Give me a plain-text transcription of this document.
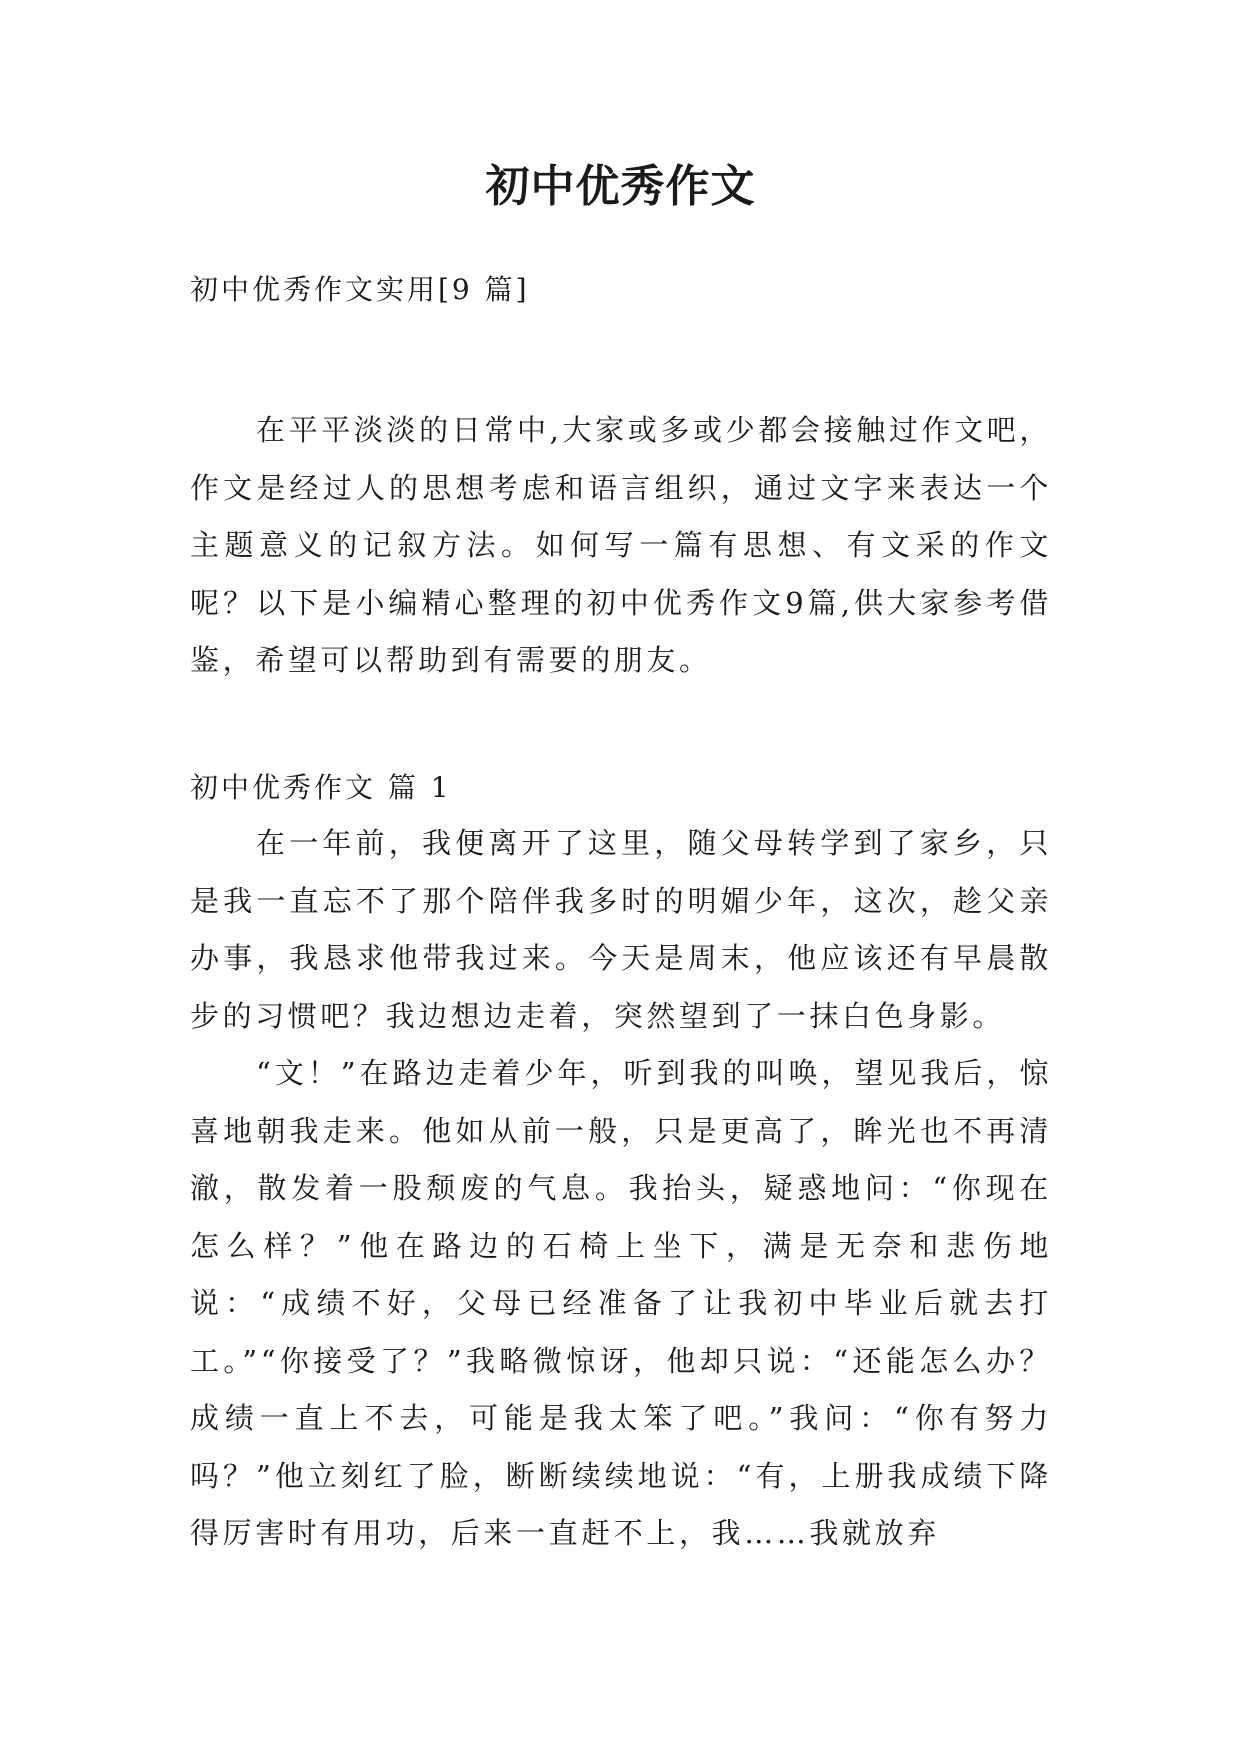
初中优秀作文
初中优秀作文实用[9 篇]

在平平淡淡的日常中,大家或多或少都会接触过作文吧，作文是经过人的思想考虑和语言组织，通过文字来表达一个主题意义的记叙方法。如何写一篇有思想、有文采的作文呢？以下是小编精心整理的初中优秀作文9篇,供大家参考借鉴，希望可以帮助到有需要的朋友。

初中优秀作文 篇 1

在一年前，我便离开了这里，随父母转学到了家乡，只是我一直忘不了那个陪伴我多时的明媚少年，这次，趁父亲办事，我恳求他带我过来。今天是周末，他应该还有早晨散步的习惯吧？我边想边走着，突然望到了一抹白色身影。

“文！”在路边走着少年，听到我的叫唤，望见我后，惊喜地朝我走来。他如从前一般，只是更高了，眸光也不再清澈，散发着一股颓废的气息。我抬头，疑惑地问：“你现在怎么样？”他在路边的石椅上坐下，满是无奈和悲伤地说：“成绩不好，父母已经准备了让我初中毕业后就去打工。”“你接受了？”我略微惊讶，他却只说：“还能怎么办？成绩一直上不去，可能是我太笨了吧。”我问：“你有努力吗？”他立刻红了脸，断断续续地说：“有，上册我成绩下降得厉害时有用功，后来一直赶不上，我……我就放弃
